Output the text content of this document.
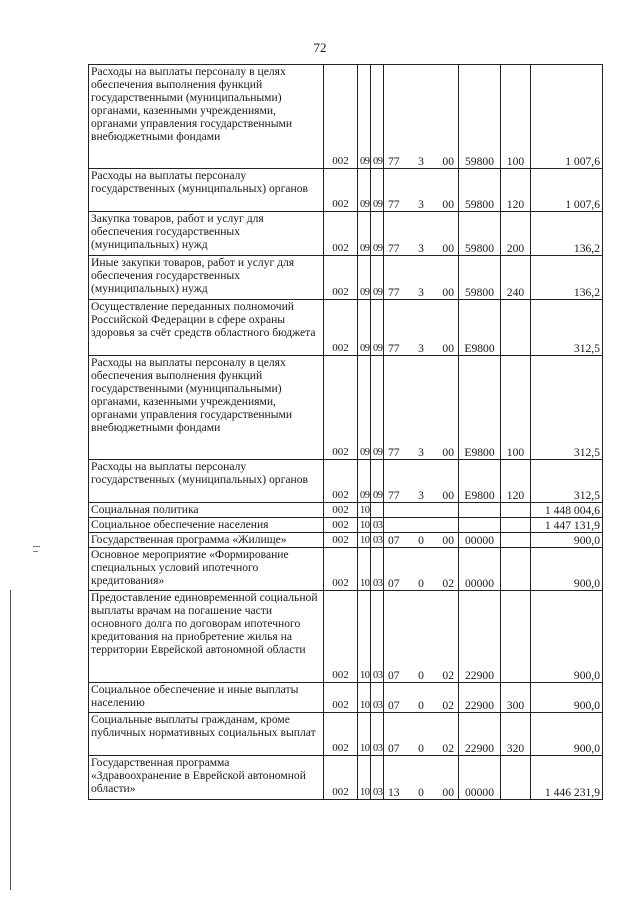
72
Расходы на выплаты персоналу в целях обеспечения выполнения функций государственными (муниципальными) органами, казенными учреждениями, органами управления государственными внебюджетными фондами	002	09	09	77 3 00	59800	100	1 007,6
Расходы на выплаты персоналу государственных (муниципальных) органов	002	09	09	77 3 00	59800	120	1 007,6
Закупка товаров, работ и услуг для обеспечения государственных (муниципальных) нужд	002	09	09	77 3 00	59800	200	136,2
Иные закупки товаров, работ и услуг для обеспечения государственных (муниципальных) нужд	002	09	09	77 3 00	59800	240	136,2
Осуществление переданных полномочий Российской Федерации в сфере охраны здоровья за счёт средств областного бюджета	002	09	09	77 3 00	Е9800		312,5
Расходы на выплаты персоналу в целях обеспечения выполнения функций государственными (муниципальными) органами, казенными учреждениями, органами управления государственными внебюджетными фондами	002	09	09	77 3 00	Е9800	100	312,5
Расходы на выплаты персоналу государственных (муниципальных) органов	002	09	09	77 3 00	Е9800	120	312,5
Социальная политика	002	10					1 448 004,6
Социальное обеспечение населения	002	10	03				1 447 131,9
Государственная программа «Жилище»	002	10	03	07 0 00	00000		900,0
Основное мероприятие «Формирование специальных условий ипотечного кредитования»	002	10	03	07 0 02	00000		900,0
Предоставление единовременной социальной выплаты врачам на погашение части основного долга по договорам ипотечного кредитования на приобретение жилья на территории Еврейской автономной области	002	10	03	07 0 02	22900		900,0
Социальное обеспечение и иные выплаты населению	002	10	03	07 0 02	22900	300	900,0
Социальные выплаты гражданам, кроме публичных нормативных социальных выплат	002	10	03	07 0 02	22900	320	900,0
Государственная программа «Здравоохранение в Еврейской автономной области»	002	10	03	13 0 00	00000		1 446 231,9
